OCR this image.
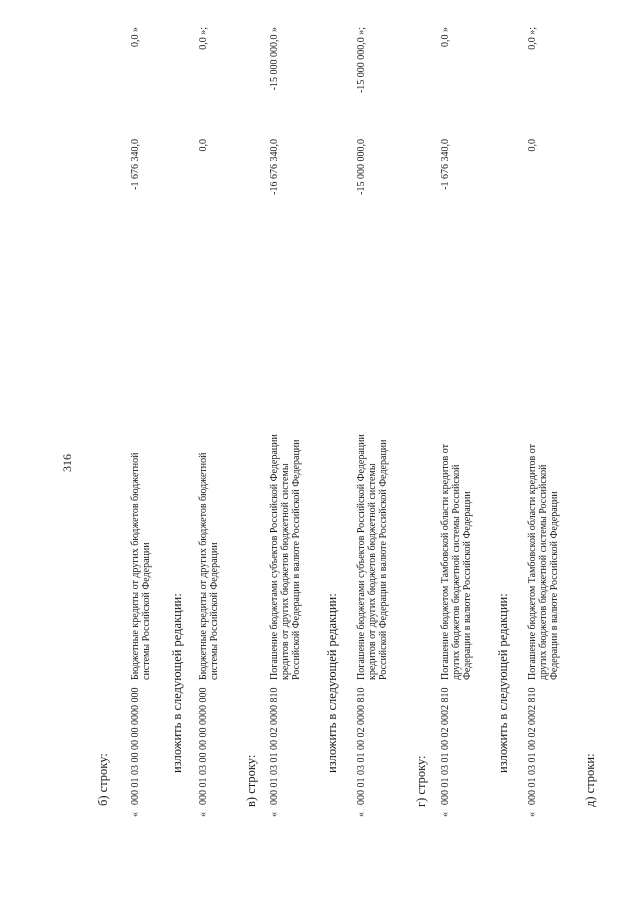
316
б) строку:
«
000 01 03 00 00 00 0000 000
Бюджетные кредиты от других бюджетов бюджетной системы Российской Федерации
-1 676 340,0
0,0 »
изложить в следующей редакции:
«
000 01 03 00 00 00 0000 000
Бюджетные кредиты от других бюджетов бюджетной системы Российской Федерации
0,0
0,0 »;
в) строку:
«
000 01 03 01 00 02 0000 810
Погашение бюджетами субъектов Российской Федерации кредитов от других бюджетов бюджетной системы Российской Федерации в валюте Российской Федерации
-16 676 340,0
-15 000 000,0 »
изложить в следующей редакции:
«
000 01 03 01 00 02 0000 810
Погашение бюджетами субъектов Российской Федерации кредитов от других бюджетов бюджетной системы Российской Федерации в валюте Российской Федерации
-15 000 000,0
-15 000 000,0 »;
г) строку:
«
000 01 03 01 00 02 0002 810
Погашение бюджетом Тамбовской области кредитов от других бюджетов бюджетной системы Российской Федерации в валюте Российской Федерации
-1 676 340,0
0,0 »
изложить в следующей редакции:
«
000 01 03 01 00 02 0002 810
Погашение бюджетом Тамбовской области кредитов от других бюджетов бюджетной системы Российской Федерации в валюте Российской Федерации
0,0
0,0 »;
д) строки:
